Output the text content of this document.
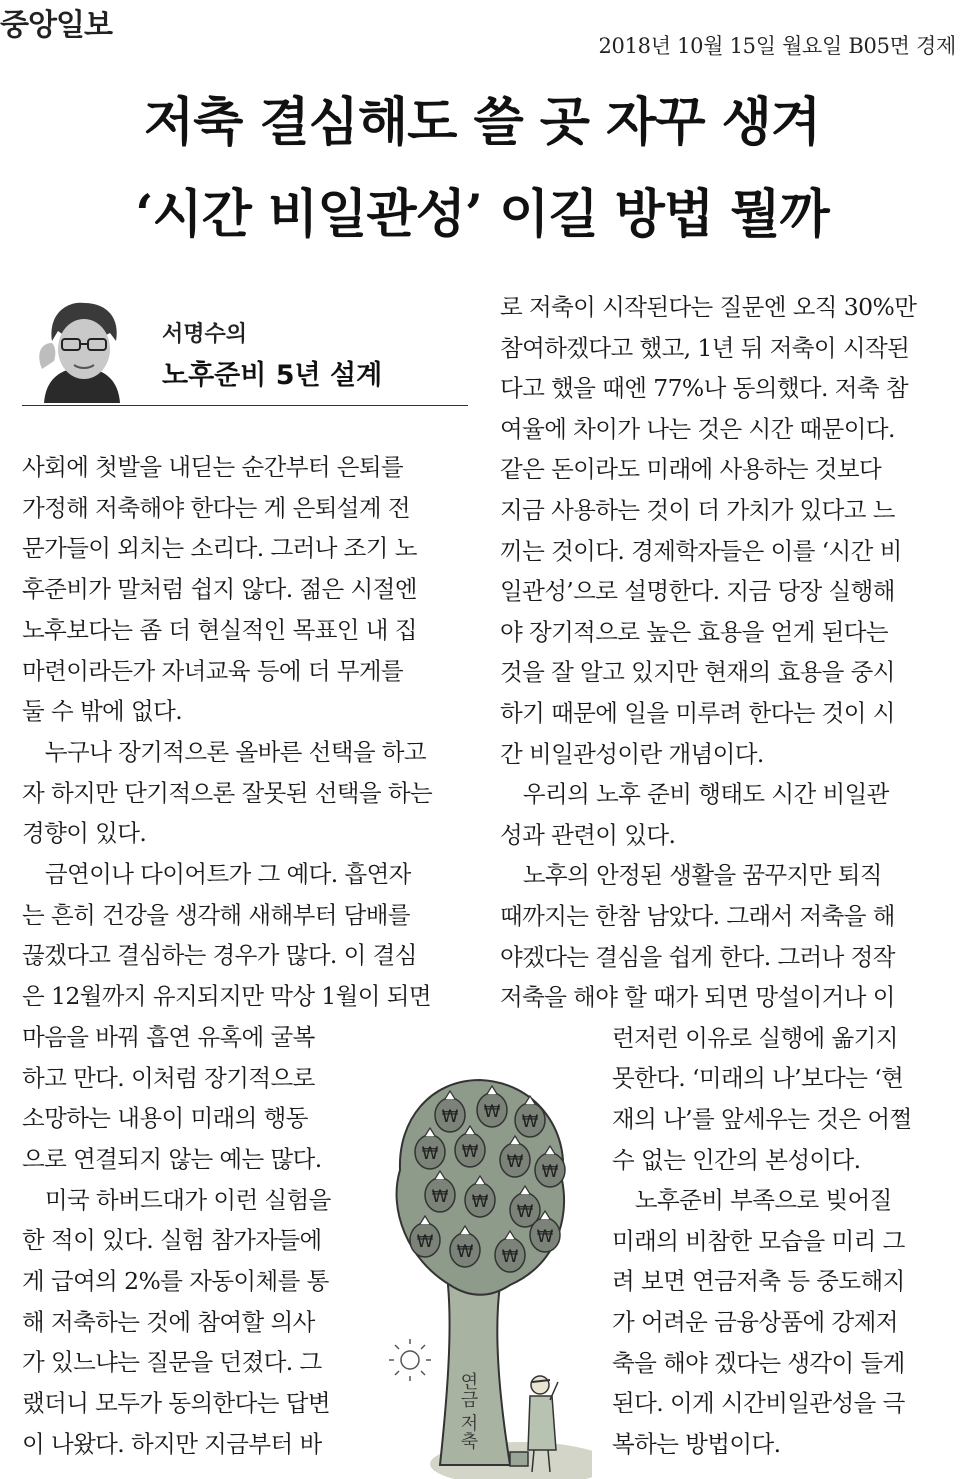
중앙일보
2018년 10월 15일 월요일 B05면 경제
저축 결심해도 쓸 곳 자꾸 생겨
‘시간 비일관성’ 이길 방법 뭘까
서명수의
노후준비 5년 설계
사회에 첫발을 내딛는 순간부터 은퇴를
가정해 저축해야 한다는 게 은퇴설계 전
문가들이 외치는 소리다. 그러나 조기 노
후준비가 말처럼 쉽지 않다. 젊은 시절엔
노후보다는 좀 더 현실적인 목표인 내 집
마련이라든가 자녀교육 등에 더 무게를
둘 수 밖에 없다.
　누구나 장기적으론 올바른 선택을 하고
자 하지만 단기적으론 잘못된 선택을 하는
경향이 있다.
　금연이나 다이어트가 그 예다. 흡연자
는 흔히 건강을 생각해 새해부터 담배를
끊겠다고 결심하는 경우가 많다. 이 결심
은 12월까지 유지되지만 막상 1월이 되면
마음을 바꿔 흡연 유혹에 굴복
하고 만다. 이처럼 장기적으로
소망하는 내용이 미래의 행동
으로 연결되지 않는 예는 많다.
　미국 하버드대가 이런 실험을
한 적이 있다. 실험 참가자들에
게 급여의 2%를 자동이체를 통
해 저축하는 것에 참여할 의사
가 있느냐는 질문을 던졌다. 그
랬더니 모두가 동의한다는 답변
이 나왔다. 하지만 지금부터 바
로 저축이 시작된다는 질문엔 오직 30%만
참여하겠다고 했고, 1년 뒤 저축이 시작된
다고 했을 때엔 77%나 동의했다. 저축 참
여율에 차이가 나는 것은 시간 때문이다.
같은 돈이라도 미래에 사용하는 것보다
지금 사용하는 것이 더 가치가 있다고 느
끼는 것이다. 경제학자들은 이를 ‘시간 비
일관성’으로 설명한다. 지금 당장 실행해
야 장기적으로 높은 효용을 얻게 된다는
것을 잘 알고 있지만 현재의 효용을 중시
하기 때문에 일을 미루려 한다는 것이 시
간 비일관성이란 개념이다.
　우리의 노후 준비 행태도 시간 비일관
성과 관련이 있다.
　노후의 안정된 생활을 꿈꾸지만 퇴직
때까지는 한참 남았다. 그래서 저축을 해
야겠다는 결심을 쉽게 한다. 그러나 정작
저축을 해야 할 때가 되면 망설이거나 이
런저런 이유로 실행에 옮기지
못한다. ‘미래의 나’보다는 ‘현
재의 나’를 앞세우는 것은 어쩔
수 없는 인간의 본성이다.
　노후준비 부족으로 빚어질
미래의 비참한 모습을 미리 그
려 보면 연금저축 등 중도해지
가 어려운 금융상품에 강제저
축을 해야 겠다는 생각이 들게
된다. 이게 시간비일관성을 극
복하는 방법이다.
₩ ₩ ₩
₩ ₩ ₩ ₩
₩ ₩ ₩
₩ ₩ ₩
₩
연금 저축
